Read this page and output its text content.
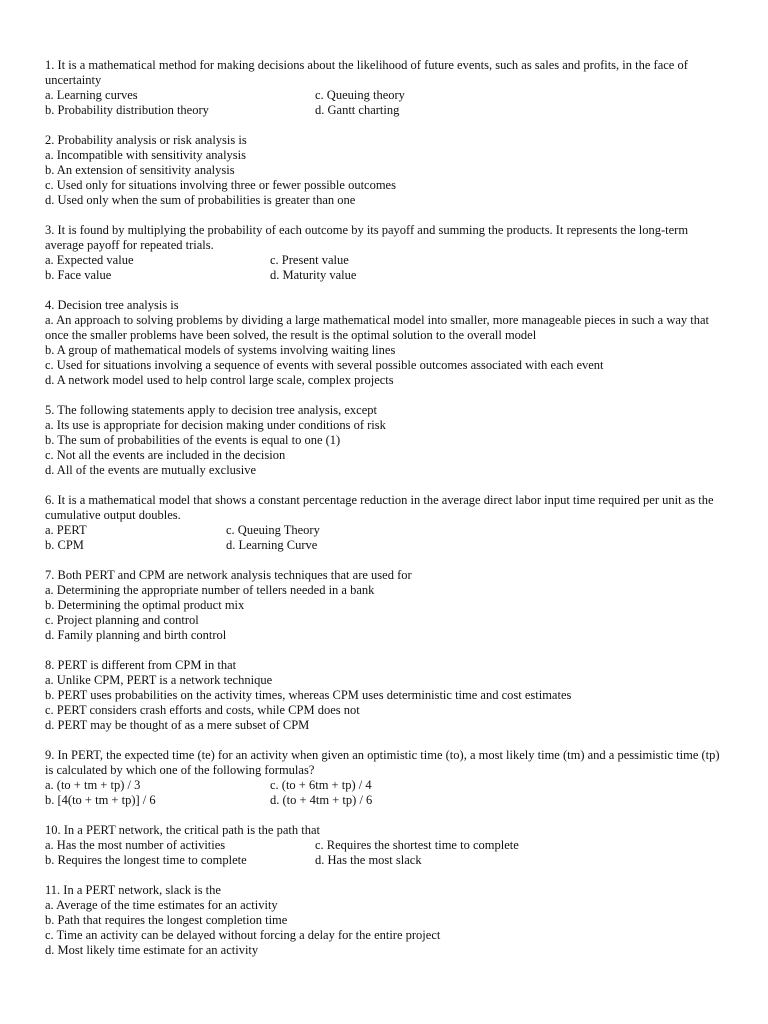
1. It is a mathematical method for making decisions about the likelihood of future events, such as sales and profits, in the face of uncertainty

a. Learning curves	c. Queuing theory
b. Probability distribution theory	d. Gantt charting

2. Probability analysis or risk analysis is

a. Incompatible with sensitivity analysis

b. An extension of sensitivity analysis

c. Used only for situations involving three or fewer possible outcomes

d. Used only when the sum of probabilities is greater than one

3. It is found by multiplying the probability of each outcome by its payoff and summing the products. It represents the long-term average payoff for repeated trials.

a. Expected value	c. Present value
b. Face value	d. Maturity value

4. Decision tree analysis is

a. An approach to solving problems by dividing a large mathematical model into smaller, more manageable pieces in such a way that once the smaller problems have been solved, the result is the optimal solution to the overall model

b. A group of mathematical models of systems involving waiting lines

c. Used for situations involving a sequence of events with several possible outcomes associated with each event

d. A network model used to help control large scale, complex projects

5. The following statements apply to decision tree analysis, except

a. Its use is appropriate for decision making under conditions of risk

b. The sum of probabilities of the events is equal to one (1)

c. Not all the events are included in the decision

d. All of the events are mutually exclusive

6. It is a mathematical model that shows a constant percentage reduction in the average direct labor input time required per unit as the cumulative output doubles.

a. PERT	c. Queuing Theory
b. CPM	d. Learning Curve

7. Both PERT and CPM are network analysis techniques that are used for

a. Determining the appropriate number of tellers needed in a bank

b. Determining the optimal product mix

c. Project planning and control

d. Family planning and birth control

8. PERT is different from CPM in that

a. Unlike CPM, PERT is a network technique

b. PERT uses probabilities on the activity times, whereas CPM uses deterministic time and cost estimates

c. PERT considers crash efforts and costs, while CPM does not

d. PERT may be thought of as a mere subset of CPM

9. In PERT, the expected time (te) for an activity when given an optimistic time (to), a most likely time (tm) and a pessimistic time (tp) is calculated by which one of the following formulas?

a. (to + tm + tp) / 3	c. (to + 6tm + tp) / 4
b. [4(to + tm + tp)] / 6	d. (to + 4tm + tp) / 6

10. In a PERT network, the critical path is the path that

a. Has the most number of activities	c. Requires the shortest time to complete
b. Requires the longest time to complete	d. Has the most slack

11. In a PERT network, slack is the

a. Average of the time estimates for an activity

b. Path that requires the longest completion time

c. Time an activity can be delayed without forcing a delay for the entire project

d. Most likely time estimate for an activity
